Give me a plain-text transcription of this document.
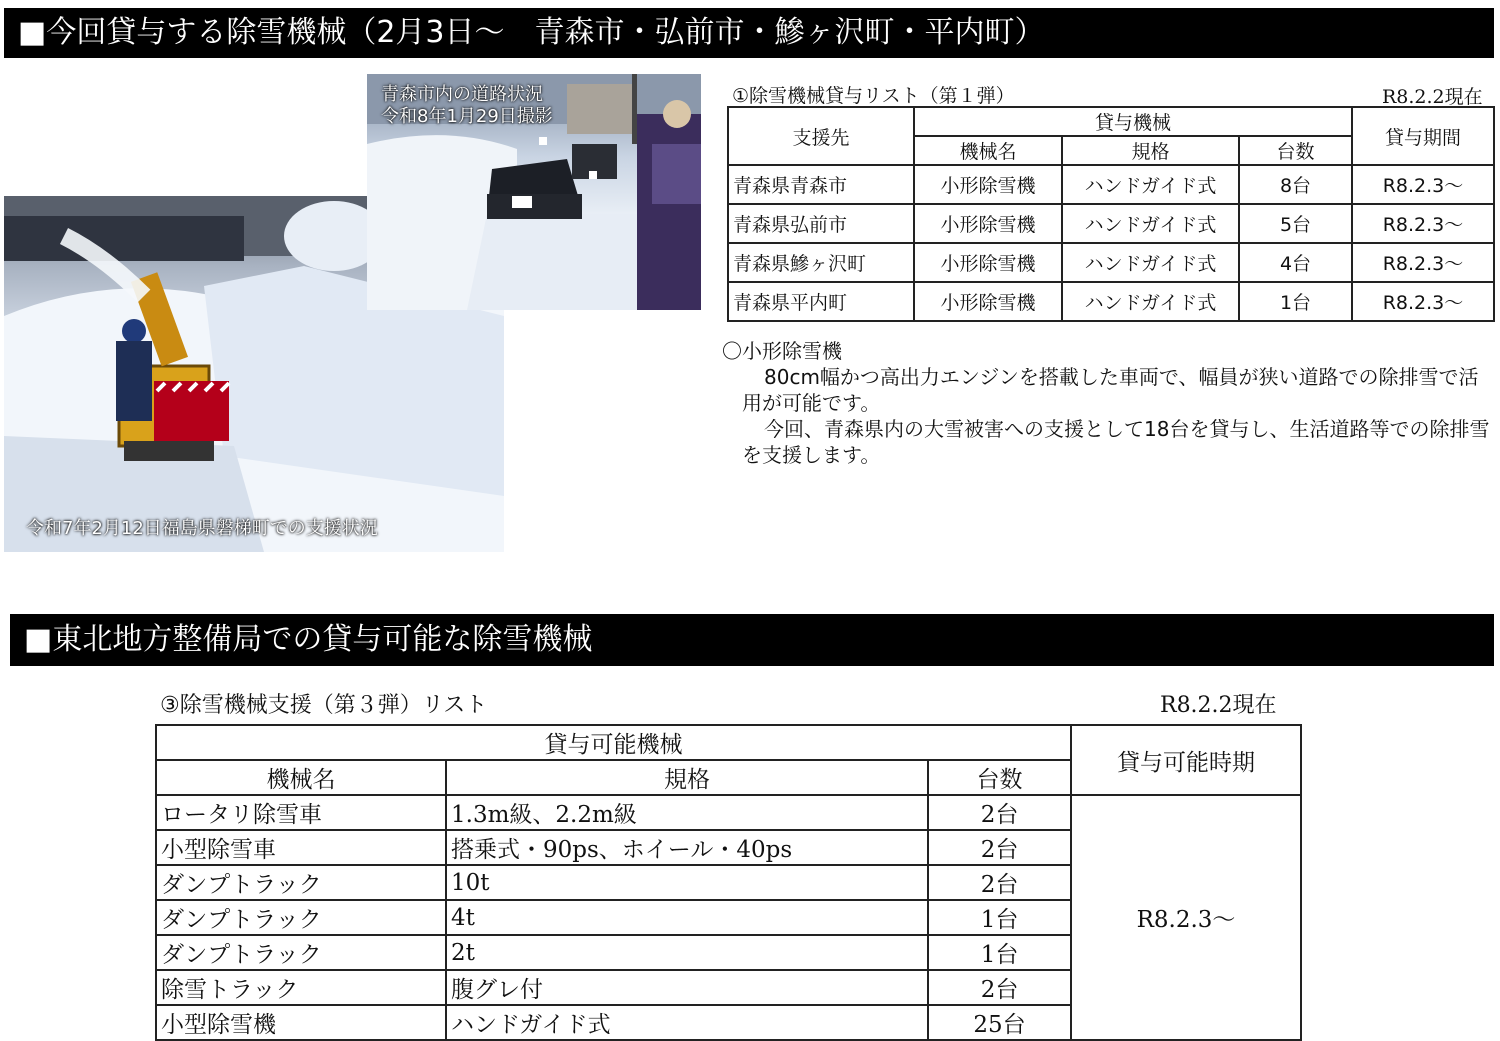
■今回貸与する除雪機械（2月3日～　青森市・弘前市・鰺ヶ沢町・平内町）
令和7年2月12日福島県磐梯町での支援状況
青森市内の道路状況
令和8年1月29日撮影
①除雪機械貸与リスト（第１弾）	R8.2.2現在
支援先	貸与機械			貸与期間
	機械名	規格	台数	
青森県青森市	小形除雪機	ハンドガイド式	8台	R8.2.3～
青森県弘前市	小形除雪機	ハンドガイド式	5台	R8.2.3～
青森県鰺ヶ沢町	小形除雪機	ハンドガイド式	4台	R8.2.3～
青森県平内町	小形除雪機	ハンドガイド式	1台	R8.2.3～
〇小形除雪機
80cm幅かつ高出力エンジンを搭載した車両で、幅員が狭い道路での除排雪で活用が可能です。
今回、青森県内の大雪被害への支援として18台を貸与し、生活道路等での除排雪を支援します。
■東北地方整備局での貸与可能な除雪機械
③除雪機械支援（第３弾）リスト	R8.2.2現在
貸与可能機械			貸与可能時期
機械名	規格	台数	
ロータリ除雪車	1.3m級、2.2m級	2台	R8.2.3～
小型除雪車	搭乗式・90ps、ホイール・40ps	2台	
ダンプトラック	10t	2台	
ダンプトラック	4t	1台	
ダンプトラック	2t	1台	
除雪トラック	腹グレ付	2台	
小型除雪機	ハンドガイド式	25台	
